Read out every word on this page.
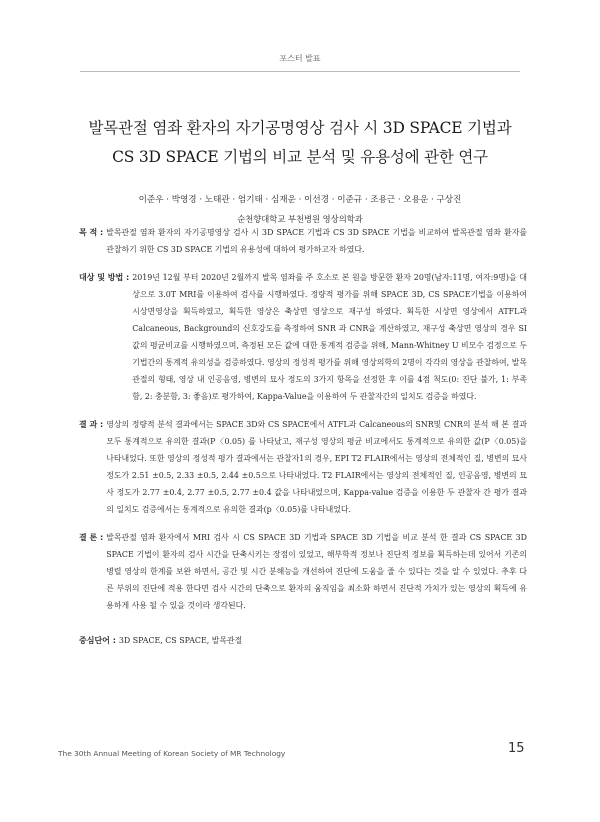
포스터 발표
발목관절 염좌 환자의 자기공명영상 검사 시 3D SPACE 기법과
CS 3D SPACE 기법의 비교 분석 및 유용성에 관한 연구
이준우 · 박영경 · 노태관 · 엄기태 · 심재운 · 이선경 · 이준규 · 조용근 · 오용운 · 구상진
순천향대학교 부천병원 영상의학과
목 적 : 발목관절 염좌 환자의 자기공명영상 검사 시 3D SPACE 기법과 CS 3D SPACE 기법을 비교하여 발목관절 염좌 환자를 관찰하기 위한 CS 3D SPACE 기법의 유용성에 대하여 평가하고자 하였다.

대상 및 방법 : 2019년 12월 부터 2020년 2월까지 발목 염좌를 주 호소로 본 원을 방문한 환자 20명(남자:11명, 여자:9명)을 대상으로 3.0T MRI를 이용하여 검사를 시행하였다. 정량적 평가를 위해 SPACE 3D, CS SPACE기법을 이용하여 시상면영상을 획득하였고, 획득한 영상은 축상면 영상으로 재구성 하였다. 획득한 시상면 영상에서 ATFL과 Calcaneous, Background의 신호강도를 측정하여 SNR 과 CNR을 계산하였고, 재구성 축상면 영상의 경우 SI값의 평균비교를 시행하였으며, 측정된 모든 값에 대한 통계적 검증을 위해, Mann-Whitney U 비모수 검정으로 두 기법간의 통계적 유의성을 검증하였다. 영상의 정성적 평가를 위해 영상의학의 2명이 각각의 영상을 관찰하여, 발목관절의 형태, 영상 내 인공음영, 병변의 묘사 정도의 3가지 항목을 선정한 후 이를 4점 척도(0: 진단 불가, 1: 부족함, 2: 충분함, 3: 좋음)로 평가하여, Kappa-Value을 이용하여 두 관찰자간의 일치도 검증을 하였다.

결 과 : 영상의 정량적 분석 결과에서는 SPACE 3D와 CS SPACE에서 ATFL과 Calcaneous의 SNR및 CNR의 분석 해 본 결과 모두 통계적으로 유의한 결과(P〈0.05) 를 나타났고, 재구성 영상의 평균 비교에서도 통계적으로 유의한 값(P〈0.05)을 나타내었다. 또한 영상의 정성적 평가 결과에서는 관찰자1의 경우, EPI T2 FLAIR에서는 영상의 전체적인 질, 병변의 묘사 정도가 2.51 ±0.5, 2.33 ±0.5, 2.44 ±0.5으로 나타내었다. T2 FLAIR에서는 영상의 전체적인 질, 인공음영, 병변의 묘사 정도가 2.77 ±0.4, 2.77 ±0.5, 2.77 ±0.4 값을 나타내었으며, Kappa-value 검증을 이용한 두 관찰자 간 평가 결과의 일치도 검증에서는 통계적으로 유의한 결과(p〈0.05)를 나타내었다.

결 론 : 발목관절 염좌 환자에서 MRI 검사 시 CS SPACE 3D 기법과 SPACE 3D 기법을 비교 분석 한 결과 CS SPACE 3D SPACE 기법이 환자의 검사 시간을 단축시키는 장점이 있었고, 해부학적 정보나 진단적 정보를 획득하는데 있어서 기존의 병렬 영상의 한계를 보완 하면서, 공간 및 시간 분해능을 개선하여 진단에 도움을 줄 수 있다는 것을 알 수 있었다. 추후 다른 부위의 진단에 적용 한다면 검사 시간의 단축으로 환자의 움직임을 최소화 하면서 진단적 가치가 있는 영상의 획득에 유용하게 사용 될 수 있을 것이라 생각된다.

중심단어 : 3D SPACE, CS SPACE, 발목관절

The 30th Annual Meeting of Korean Society of MR Technology	15
